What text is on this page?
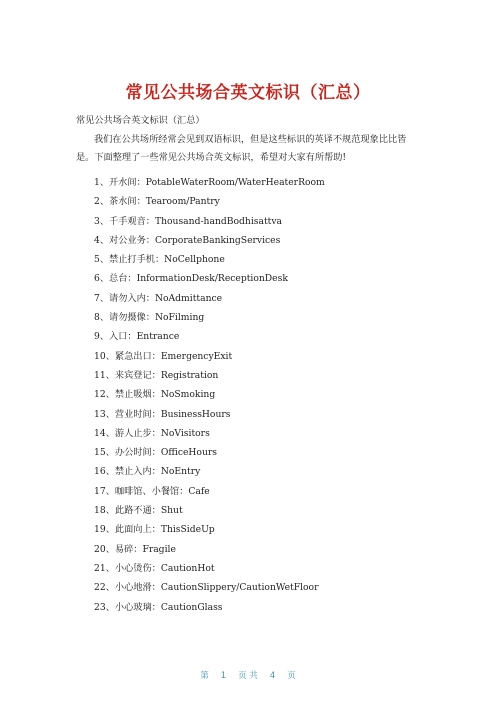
常见公共场合英文标识（汇总）
常见公共场合英文标识（汇总）
我们在公共场所经常会见到双语标识，但是这些标识的英译不规范现象比比皆是。下面整理了一些常见公共场合英文标识，希望对大家有所帮助!
1、开水间：PotableWaterRoom/WaterHeaterRoom
2、茶水间：Tearoom/Pantry
3、千手观音：Thousand-handBodhisattva
4、对公业务：CorporateBankingServices
5、禁止打手机：NoCellphone
6、总台：InformationDesk/ReceptionDesk
7、请勿入内：NoAdmittance
8、请勿摄像：NoFilming
9、入口：Entrance
10、紧急出口：EmergencyExit
11、来宾登记：Registration
12、禁止吸烟：NoSmoking
13、营业时间：BusinessHours
14、游人止步：NoVisitors
15、办公时间：OfficeHours
16、禁止入内：NoEntry
17、咖啡馆、小餐馆：Cafe
18、此路不通：Shut
19、此面向上：ThisSideUp
20、易碎：Fragile
21、小心烫伤：CautionHot
22、小心地滑：CautionSlippery/CautionWetFloor
23、小心玻璃：CautionGlass
第 1 页 共 4 页
